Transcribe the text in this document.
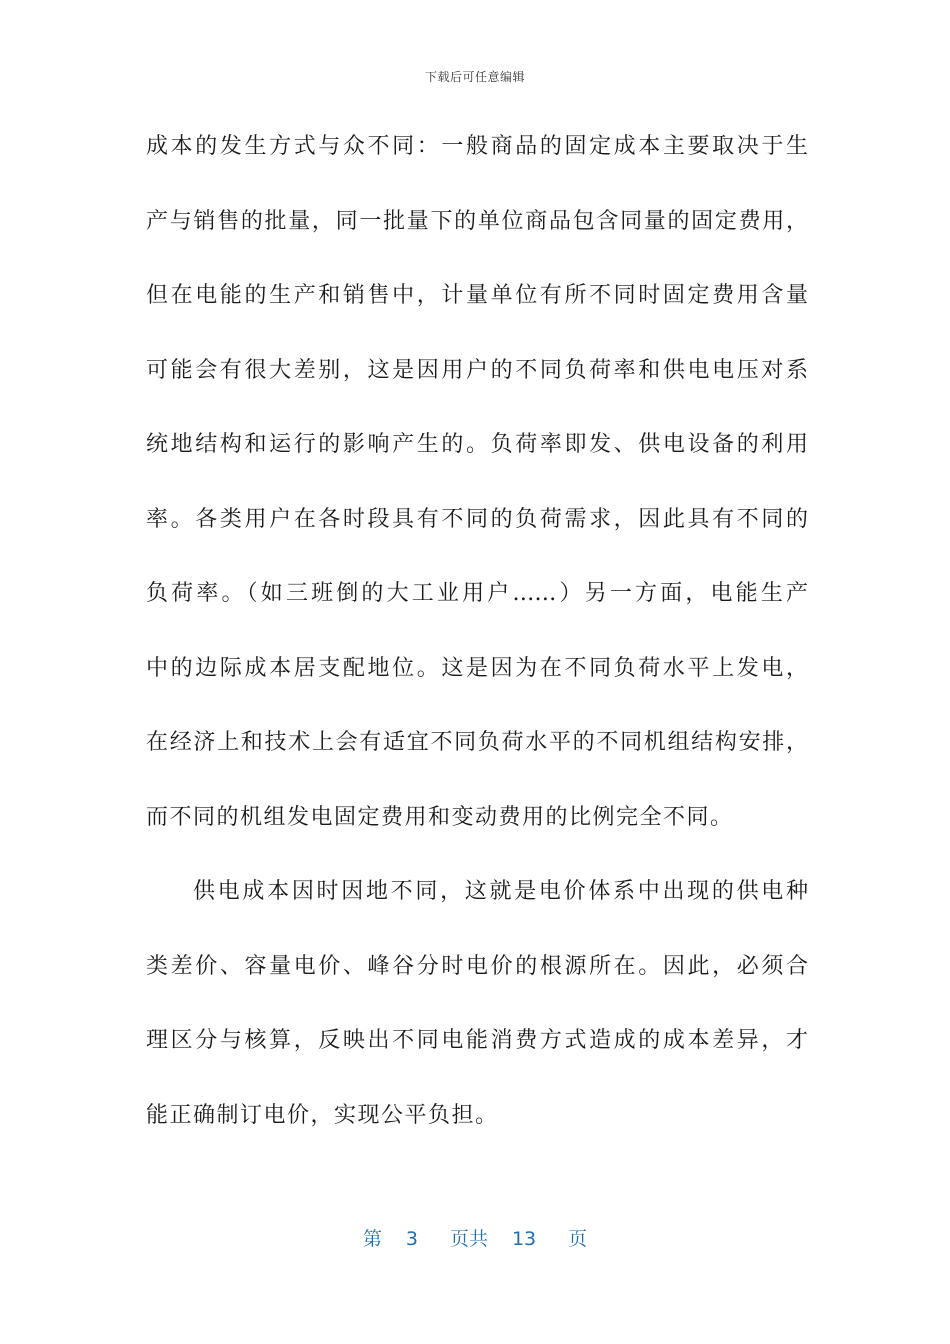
下载后可任意编辑
成本的发生方式与众不同：一般商品的固定成本主要取决于生
产与销售的批量，同一批量下的单位商品包含同量的固定费用，
但在电能的生产和销售中，计量单位有所不同时固定费用含量
可能会有很大差别，这是因用户的不同负荷率和供电电压对系
统地结构和运行的影响产生的。负荷率即发、供电设备的利用
率。各类用户在各时段具有不同的负荷需求，因此具有不同的
负荷率。（如三班倒的大工业用户……）另一方面，电能生产
中的边际成本居支配地位。这是因为在不同负荷水平上发电，
在经济上和技术上会有适宜不同负荷水平的不同机组结构安排，
而不同的机组发电固定费用和变动费用的比例完全不同。
供电成本因时因地不同，这就是电价体系中出现的供电种
类差价、容量电价、峰谷分时电价的根源所在。因此，必须合
理区分与核算，反映出不同电能消费方式造成的成本差异，才
能正确制订电价，实现公平负担。
第 3 页共 13 页
